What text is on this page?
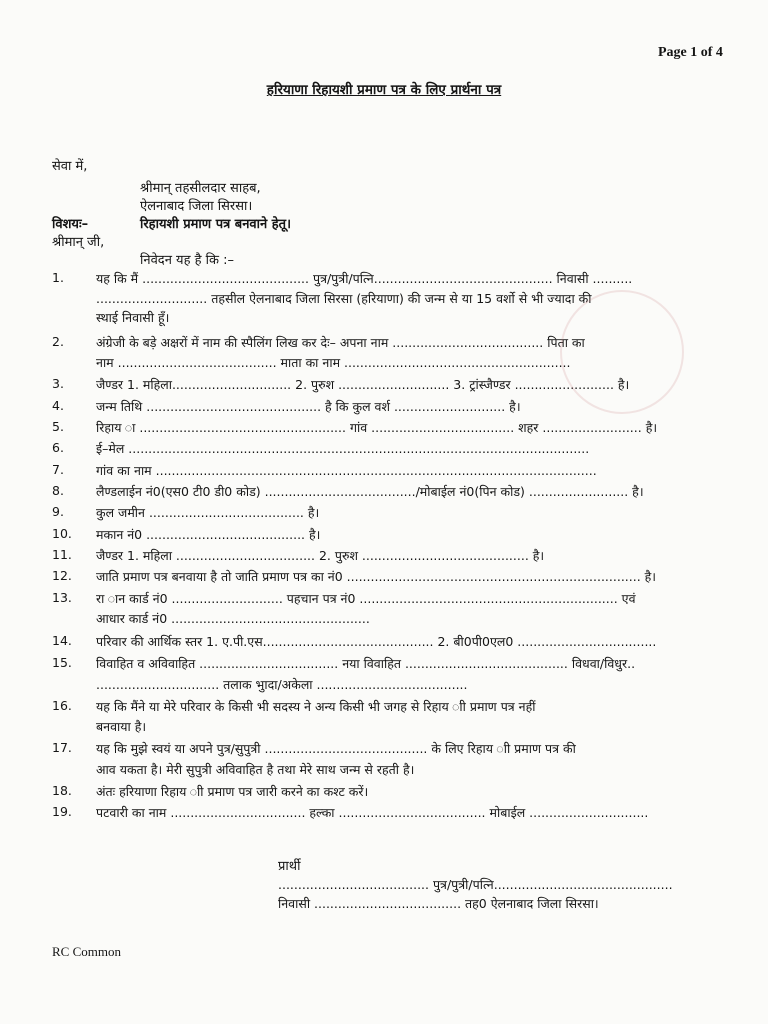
Page 1 of 4
हरियाणा रिहायशी प्रमाण पत्र के लिए प्रार्थना पत्र
सेवा में,
श्रीमान् तहसीलदार साहब,
ऐलनाबाद जिला सिरसा।
विशयः–	रिहायशी प्रमाण पत्र बनवाने हेतू।
श्रीमान् जी,
निवेदन यह है कि :–
1.	यह कि मैं .......................................... पुत्र/पुत्री/पत्नि............................................. निवासी ..........
............................ तहसील ऐलनाबाद जिला सिरसा (हरियाणा) की जन्म से या 15 वर्शो से भी ज्यादा की
स्थाई निवासी हूँ।
2.	अंग्रेजी के बड़े अक्षरों में नाम की स्पैलिंग लिख कर देः– अपना नाम ...................................... पिता का
नाम ........................................ माता का नाम .........................................................
3.	जैण्डर 1. महिला.............................. 2. पुरुश ............................ 3. ट्रांस्जैण्डर ......................... है।
4.	जन्म तिथि ............................................ है कि कुल वर्श ............................ है।
5.	रिहाय ा .................................................... गांव .................................... शहर ......................... है।
6.	ई–मेल ....................................................................................................................
7.	गांव का नाम ...............................................................................................................
8.	लैण्डलाईन नं0(एस0 टी0 डी0 कोड) ....................................../मोबाईल नं0(पिन कोड) ......................... है।
9.	कुल जमीन ....................................... है।
10. मकान नं0 ........................................ है।
11. जैण्डर 1. महिला ................................... 2. पुरुश .......................................... है।
12. जाति प्रमाण पत्र बनवाया है तो जाति प्रमाण पत्र का नं0 .......................................................................... है।
13. रा ान कार्ड नं0 ............................ पहचान पत्र नं0 ................................................................. एवं
आधार कार्ड नं0 ..................................................
14. परिवार की आर्थिक स्तर 1. ए.पी.एस........................................... 2. बी0पी0एल0 ...................................
15. विवाहित व अविवाहित ................................... नया विवाहित ......................................... विधवा/विधुर..
............................... तलाक भुादा/अकेला ......................................
16. यह कि मैंने या मेरे परिवार के किसी भी सदस्य ने अन्य किसी भी जगह से रिहाय ाी प्रमाण पत्र नहीं
बनवाया है।
17. यह कि मुझे स्वयं या अपने पुत्र/सुपुत्री ......................................... के लिए रिहाय ाी प्रमाण पत्र की
आव यकता है। मेरी सुपुत्री अविवाहित है तथा मेरे साथ जन्म से रहती है।
18. अंतः हरियाणा रिहाय ाी प्रमाण पत्र जारी करने का कश्ट करें।
19. पटवारी का नाम .................................. हल्का ..................................... मोबाईल ..............................
प्रार्थी
...................................... पुत्र/पुत्री/पत्नि.............................................
निवासी ..................................... तह0 ऐलनाबाद जिला सिरसा।
RC Common
